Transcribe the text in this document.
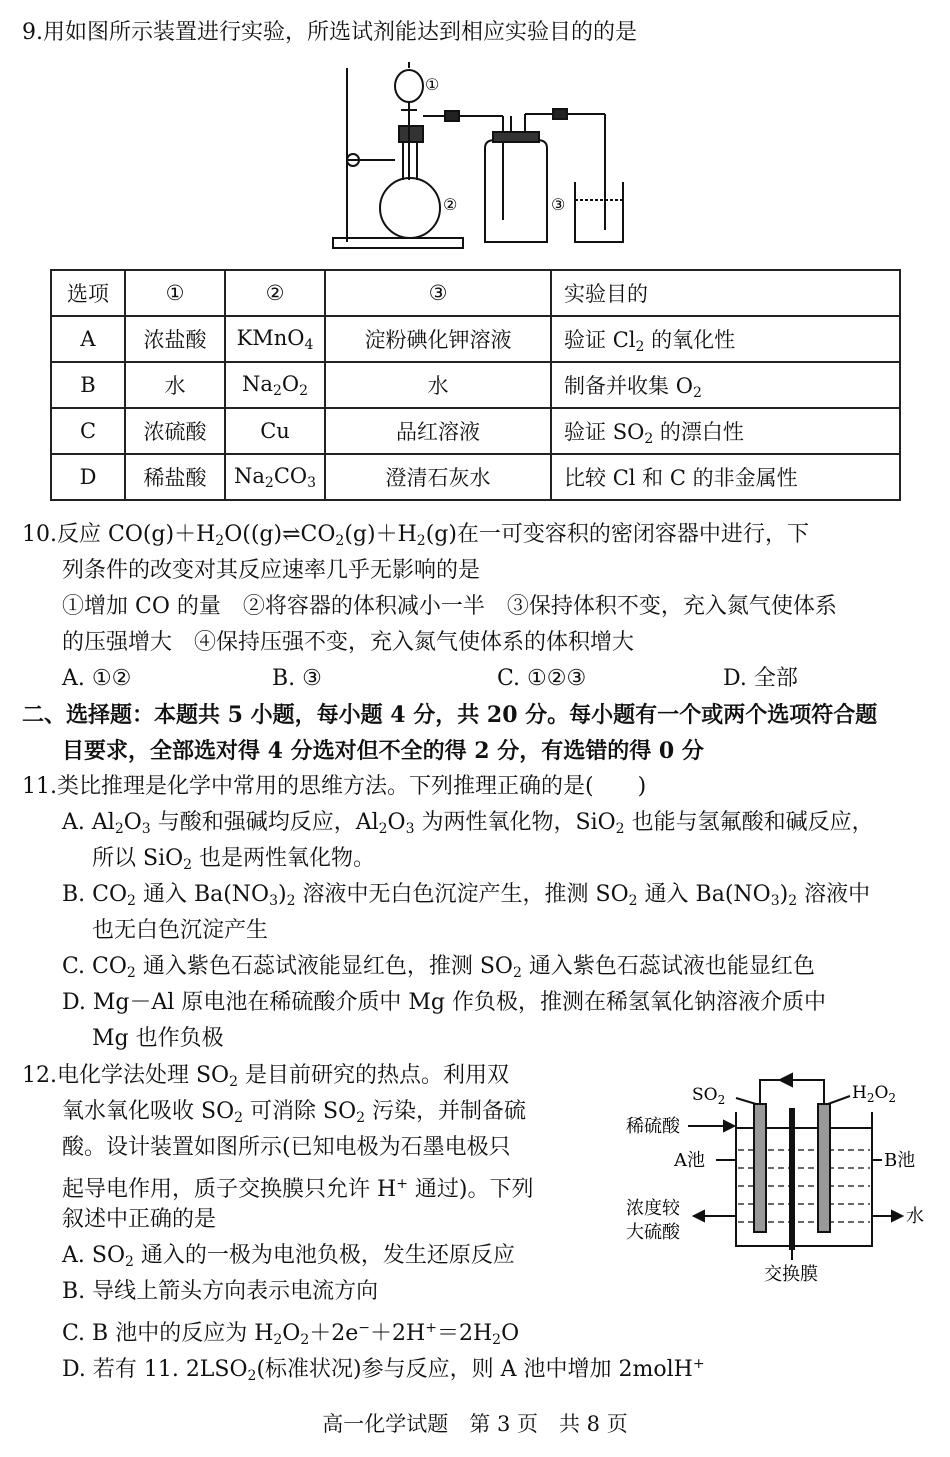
9.用如图所示装置进行实验，所选试剂能达到相应实验目的的是
①
②	③
选项	①	②	③	实验目的
A	浓盐酸	KMnO$_4$	淀粉碘化钾溶液	验证 $Cl_2$ 的氧化性
B	水	$Na_2O_2$	水	制备并收集 $O_2$
C	浓硫酸	Cu	品红溶液	验证 $SO_2$ 的漂白性
D	稀盐酸	$Na_2CO_3$	澄清石灰水	比较 Cl 和 C 的非金属性
10.反应 $CO(g)+H_2O((g)\rightleftharpoons CO_2(g)+H_2(g)$在一可变容积的密闭容器中进行，下
列条件的改变对其反应速率几乎无影响的是
①增加 CO 的量　②将容器的体积减小一半　③保持体积不变，充入氮气使体系
的压强增大　④保持压强不变，充入氮气使体系的体积增大
A. ①②	B. ③	C. ①②③	D. 全部
二、选择题：本题共 5 小题，每小题 4 分，共 20 分。每小题有一个或两个选项符合题
目要求，全部选对得 4 分选对但不全的得 2 分，有选错的得 0 分
11.类比推理是化学中常用的思维方法。下列推理正确的是(　　)
A. $Al_2O_3$ 与酸和强碱均反应，$Al_2O_3$ 为两性氧化物，SiO$_2$ 也能与氢氟酸和碱反应，
所以 SiO$_2$ 也是两性氧化物。
B. $CO_2$ 通入 $Ba(NO_3)_2$ 溶液中无白色沉淀产生，推测 $SO_2$ 通入 $Ba(NO_3)_2$ 溶液中
也无白色沉淀产生
C. $CO_2$ 通入紫色石蕊试液能显红色，推测 $SO_2$ 通入紫色石蕊试液也能显红色
D. Mg－Al 原电池在稀硫酸介质中 Mg 作负极，推测在稀氢氧化钠溶液介质中
Mg 也作负极
12.电化学法处理 $SO_2$ 是目前研究的热点。利用双
氧水氧化吸收 $SO_2$ 可消除 $SO_2$ 污染，并制备硫
酸。设计装置如图所示(已知电极为石墨电极只
起导电作用，质子交换膜只允许 H+ 通过)。下列
叙述中正确的是
A. $SO_2$ 通入的一极为电池负极，发生还原反应
B. 导线上箭头方向表示电流方向
C. B 池中的反应为 $H_2O_2+2e^-+2H^+=2H_2O$
D. 若有 11. $2LSO_2$(标准状况)参与反应，则 A 池中增加 2molH+
$SO_2$	$H_2O_2$
稀硫酸
A池	B池
浓度较
大硫酸
水
交换膜
高一化学试题　第 3 页　共 8 页
